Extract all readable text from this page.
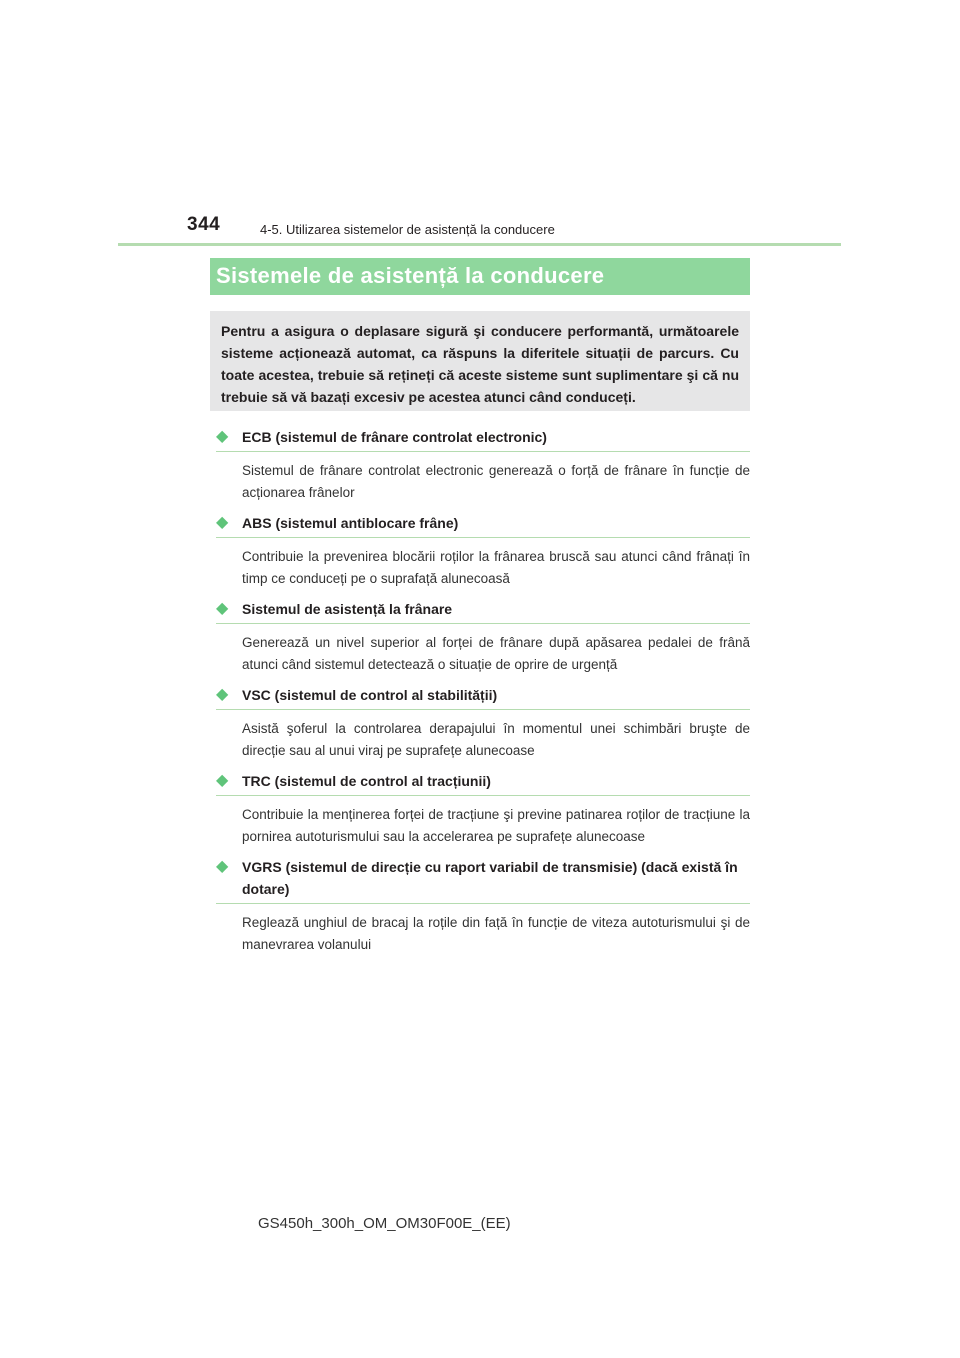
344	4-5. Utilizarea sistemelor de asistență la conducere
Sistemele de asistență la conducere
Pentru a asigura o deplasare sigură şi conducere performantă, următoarele sisteme acționează automat, ca răspuns la diferitele situații de parcurs. Cu toate acestea, trebuie să rețineți că aceste sisteme sunt suplimentare şi că nu trebuie să vă bazați excesiv pe acestea atunci când conduceți.
◆ ECB (sistemul de frânare controlat electronic)
Sistemul de frânare controlat electronic generează o forță de frânare în funcție de acționarea frânelor
◆ ABS (sistemul antiblocare frâne)
Contribuie la prevenirea blocării roților la frânarea bruscă sau atunci când frânați în timp ce conduceți pe o suprafață alunecoasă
◆ Sistemul de asistență la frânare
Generează un nivel superior al forței de frânare după apăsarea pedalei de frână atunci când sistemul detectează o situație de oprire de urgență
◆ VSC (sistemul de control al stabilității)
Asistă şoferul la controlarea derapajului în momentul unei schimbări bruşte de direcție sau al unui viraj pe suprafețe alunecoase
◆ TRC (sistemul de control al tracțiunii)
Contribuie la menținerea forței de tracțiune şi previne patinarea roților de tracțiune la pornirea autoturismului sau la accelerarea pe suprafețe alunecoase
◆ VGRS (sistemul de direcție cu raport variabil de transmisie) (dacă există în dotare)
Reglează unghiul de bracaj la roțile din față în funcție de viteza autoturismului şi de manevrarea volanului
GS450h_300h_OM_OM30F00E_(EE)
